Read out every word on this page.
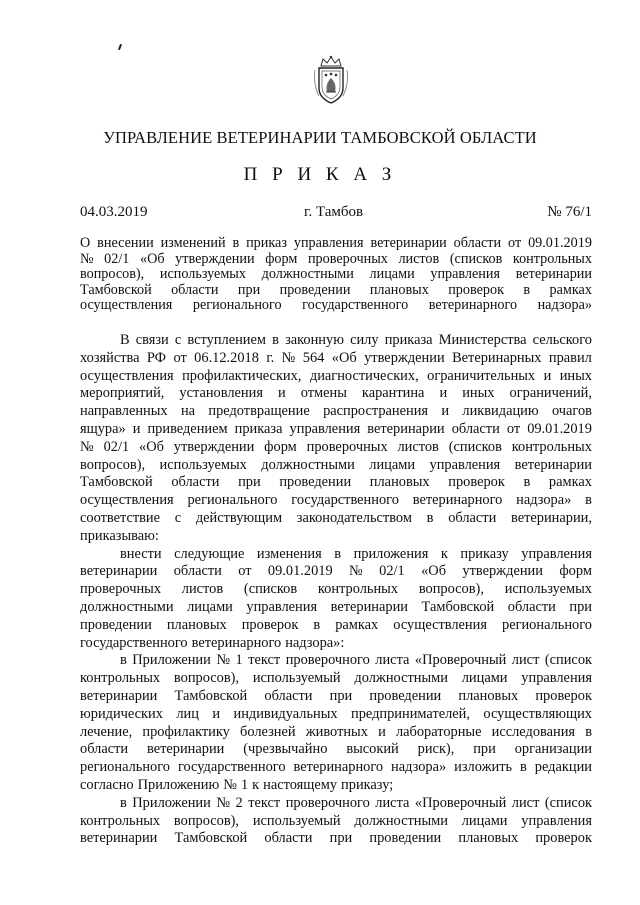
УПРАВЛЕНИЕ ВЕТЕРИНАРИИ ТАМБОВСКОЙ ОБЛАСТИ
П Р И К А З
04.03.2019	г. Тамбов	№ 76/1
О внесении изменений в приказ управления ветеринарии области от 09.01.2019
№ 02/1 «Об утверждении форм проверочных листов (списков контрольных
вопросов), используемых должностными лицами управления ветеринарии
Тамбовской области при проведении плановых проверок в рамках
осуществления регионального государственного ветеринарного надзора»
В связи с вступлением в законную силу приказа Министерства сельского
хозяйства РФ от 06.12.2018 г. № 564 «Об утверждении Ветеринарных правил
осуществления профилактических, диагностических, ограничительных и иных
мероприятий, установления и отмены карантина и иных ограничений,
направленных на предотвращение распространения и ликвидацию очагов
ящура» и приведением приказа управления ветеринарии области от 09.01.2019
№ 02/1 «Об утверждении форм проверочных листов (списков контрольных
вопросов), используемых должностными лицами управления ветеринарии
Тамбовской области при проведении плановых проверок в рамках
осуществления регионального государственного ветеринарного надзора» в
соответствие с действующим законодательством в области ветеринарии,
приказываю:
внести следующие изменения в приложения к приказу управления
ветеринарии области от 09.01.2019 № 02/1 «Об утверждении форм
проверочных листов (списков контрольных вопросов), используемых
должностными лицами управления ветеринарии Тамбовской области при
проведении плановых проверок в рамках осуществления регионального
государственного ветеринарного надзора»:
в Приложении № 1 текст проверочного листа «Проверочный лист (список
контрольных вопросов), используемый должностными лицами управления
ветеринарии Тамбовской области при проведении плановых проверок
юридических лиц и индивидуальных предпринимателей, осуществляющих
лечение, профилактику болезней животных и лабораторные исследования в
области ветеринарии (чрезвычайно высокий риск), при организации
регионального государственного ветеринарного надзора» изложить в редакции
согласно Приложению № 1 к настоящему приказу;
в Приложении № 2 текст проверочного листа «Проверочный лист (список
контрольных вопросов), используемый должностными лицами управления
ветеринарии Тамбовской области при проведении плановых проверок
